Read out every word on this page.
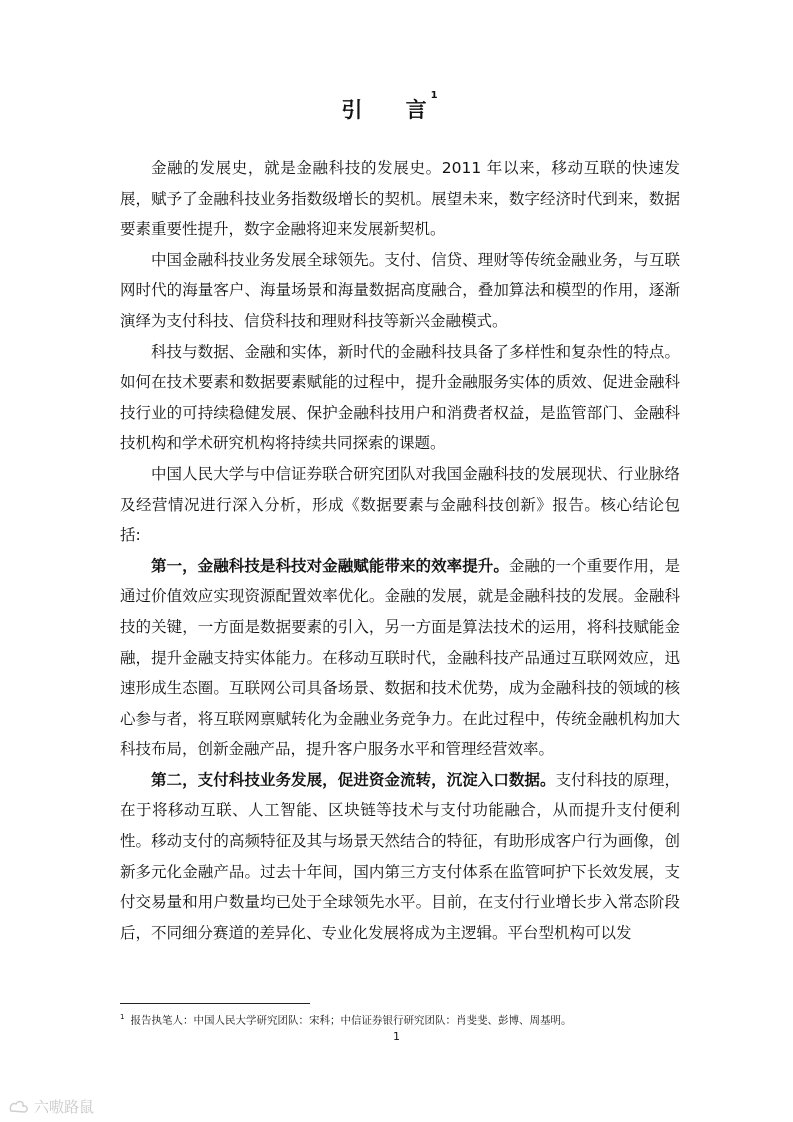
引 言$^1$

金融的发展史，就是金融科技的发展史。2011 年以来，移动互联的快速发展，赋予了金融科技业务指数级增长的契机。展望未来，数字经济时代到来，数据要素重要性提升，数字金融将迎来发展新契机。

中国金融科技业务发展全球领先。支付、信贷、理财等传统金融业务，与互联网时代的海量客户、海量场景和海量数据高度融合，叠加算法和模型的作用，逐渐演绎为支付科技、信贷科技和理财科技等新兴金融模式。

科技与数据、金融和实体，新时代的金融科技具备了多样性和复杂性的特点。如何在技术要素和数据要素赋能的过程中，提升金融服务实体的质效、促进金融科技行业的可持续稳健发展、保护金融科技用户和消费者权益，是监管部门、金融科技机构和学术研究机构将持续共同探索的课题。

中国人民大学与中信证券联合研究团队对我国金融科技的发展现状、行业脉络及经营情况进行深入分析，形成《数据要素与金融科技创新》报告。核心结论包括:

第一，金融科技是科技对金融赋能带来的效率提升。金融的一个重要作用，是通过价值效应实现资源配置效率优化。金融的发展，就是金融科技的发展。金融科技的关键，一方面是数据要素的引入，另一方面是算法技术的运用，将科技赋能金融，提升金融支持实体能力。在移动互联时代，金融科技产品通过互联网效应，迅速形成生态圈。互联网公司具备场景、数据和技术优势，成为金融科技的领域的核心参与者，将互联网禀赋转化为金融业务竞争力。在此过程中，传统金融机构加大科技布局，创新金融产品，提升客户服务水平和管理经营效率。

第二，支付科技业务发展，促进资金流转，沉淀入口数据。支付科技的原理，在于将移动互联、人工智能、区块链等技术与支付功能融合，从而提升支付便利性。移动支付的高频特征及其与场景天然结合的特征，有助形成客户行为画像，创新多元化金融产品。过去十年间，国内第三方支付体系在监管呵护下长效发展，支付交易量和用户数量均已处于全球领先水平。目前，在支付行业增长步入常态阶段后，不同细分赛道的差异化、专业化发展将成为主逻辑。平台型机构可以发

$^1$ 报告执笔人：中国人民大学研究团队：宋科；中信证券银行研究团队：肖斐斐、彭博、周基明。
1
六嗷路鼠
